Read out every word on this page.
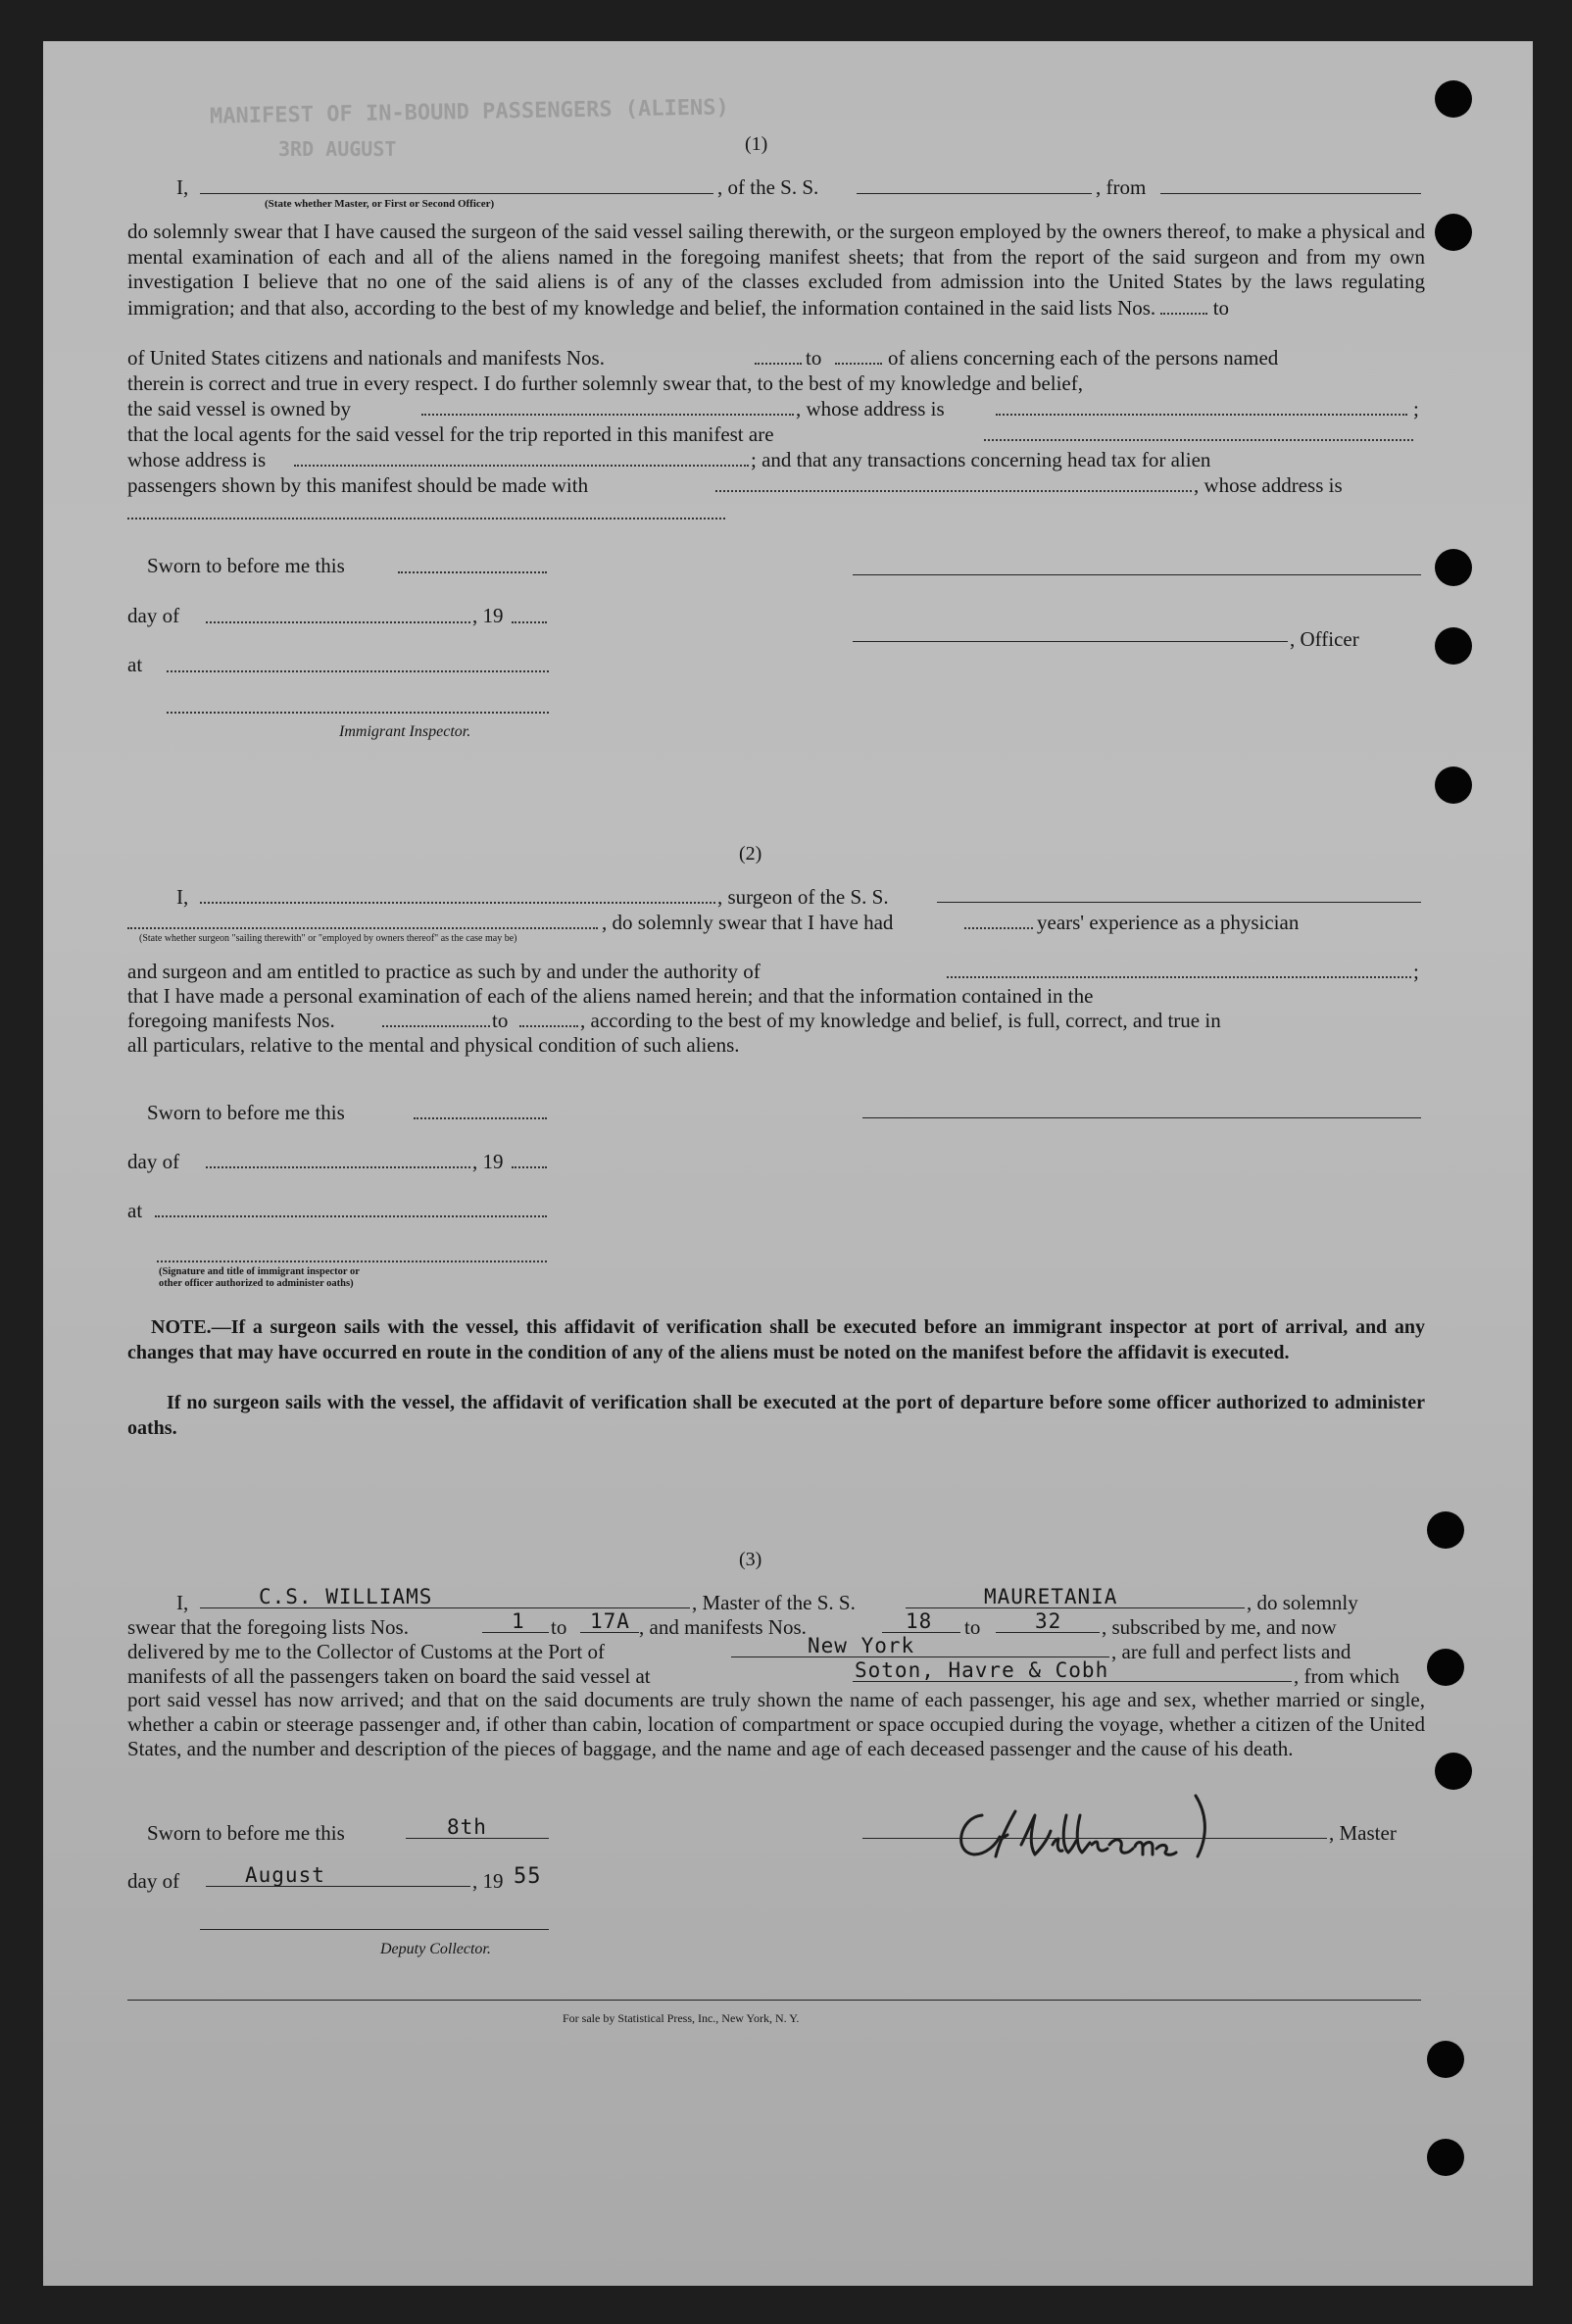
MANIFEST OF IN-BOUND PASSENGERS (ALIENS)
3RD AUGUST	(1)
I,
(State whether Master, or First or Second Officer)
, of the S. S.	, from
do solemnly swear that I have caused the surgeon of the said vessel sailing therewith, or the surgeon employed by the owners thereof, to make a physical and mental examination of each and all of the aliens named in the foregoing manifest sheets; that from the report of the said surgeon and from my own investigation I believe that no one of the said aliens is of any of the classes excluded from admission into the United States by the laws regulating immigration; and that also, according to the best of my knowledge and belief, the information contained in the said lists Nos.	to
of United States citizens and nationals and manifests Nos.	to	of aliens concerning each of the persons named
therein is correct and true in every respect. I do further solemnly swear that, to the best of my knowledge and belief,
the said vessel is owned by	, whose address is	;
that the local agents for the said vessel for the trip reported in this manifest are
whose address is	; and that any transactions concerning head tax for alien
passengers shown by this manifest should be made with	, whose address is
Sworn to before me this
day of	, 19
, Officer
at
Immigrant Inspector.
(2)
I,	, surgeon of the S. S.
, do solemnly swear that I have had	years' experience as a physician
(State whether surgeon "sailing therewith" or "employed by owners thereof" as the case may be)
and surgeon and am entitled to practice as such by and under the authority of	;
that I have made a personal examination of each of the aliens named herein; and that the information contained in the
foregoing manifests Nos.	to	, according to the best of my knowledge and belief, is full, correct, and true in
all particulars, relative to the mental and physical condition of such aliens.
Sworn to before me this
day of	, 19
at
(Signature and title of immigrant inspector or
other officer authorized to administer oaths)
NOTE.—If a surgeon sails with the vessel, this affidavit of verification shall be executed before an immigrant inspector at port of arrival, and any changes that may have occurred en route in the condition of any of the aliens must be noted on the manifest before the affidavit is executed.
If no surgeon sails with the vessel, the affidavit of verification shall be executed at the port of departure before some officer authorized to administer oaths.
(3)
I,	C.S. WILLIAMS	, Master of the S. S.	MAURETANIA	, do solemnly
swear that the foregoing lists Nos.	1 to 17A , and manifests Nos.	18 to	32 , subscribed by me, and now
delivered by me to the Collector of Customs at the Port of	New York	, are full and perfect lists and
manifests of all the passengers taken on board the said vessel at	Soton, Havre & Cobh	, from which
port said vessel has now arrived; and that on the said documents are truly shown the name of each passenger, his age and sex, whether married or single, whether a cabin or steerage passenger and, if other than cabin, location of compartment or space occupied during the voyage, whether a citizen of the United States, and the number and description of the pieces of baggage, and the name and age of each deceased passenger and the cause of his death.
Sworn to before me this	8th	, Master
day of	August	, 19 55
Deputy Collector.
For sale by Statistical Press, Inc., New York, N. Y.
